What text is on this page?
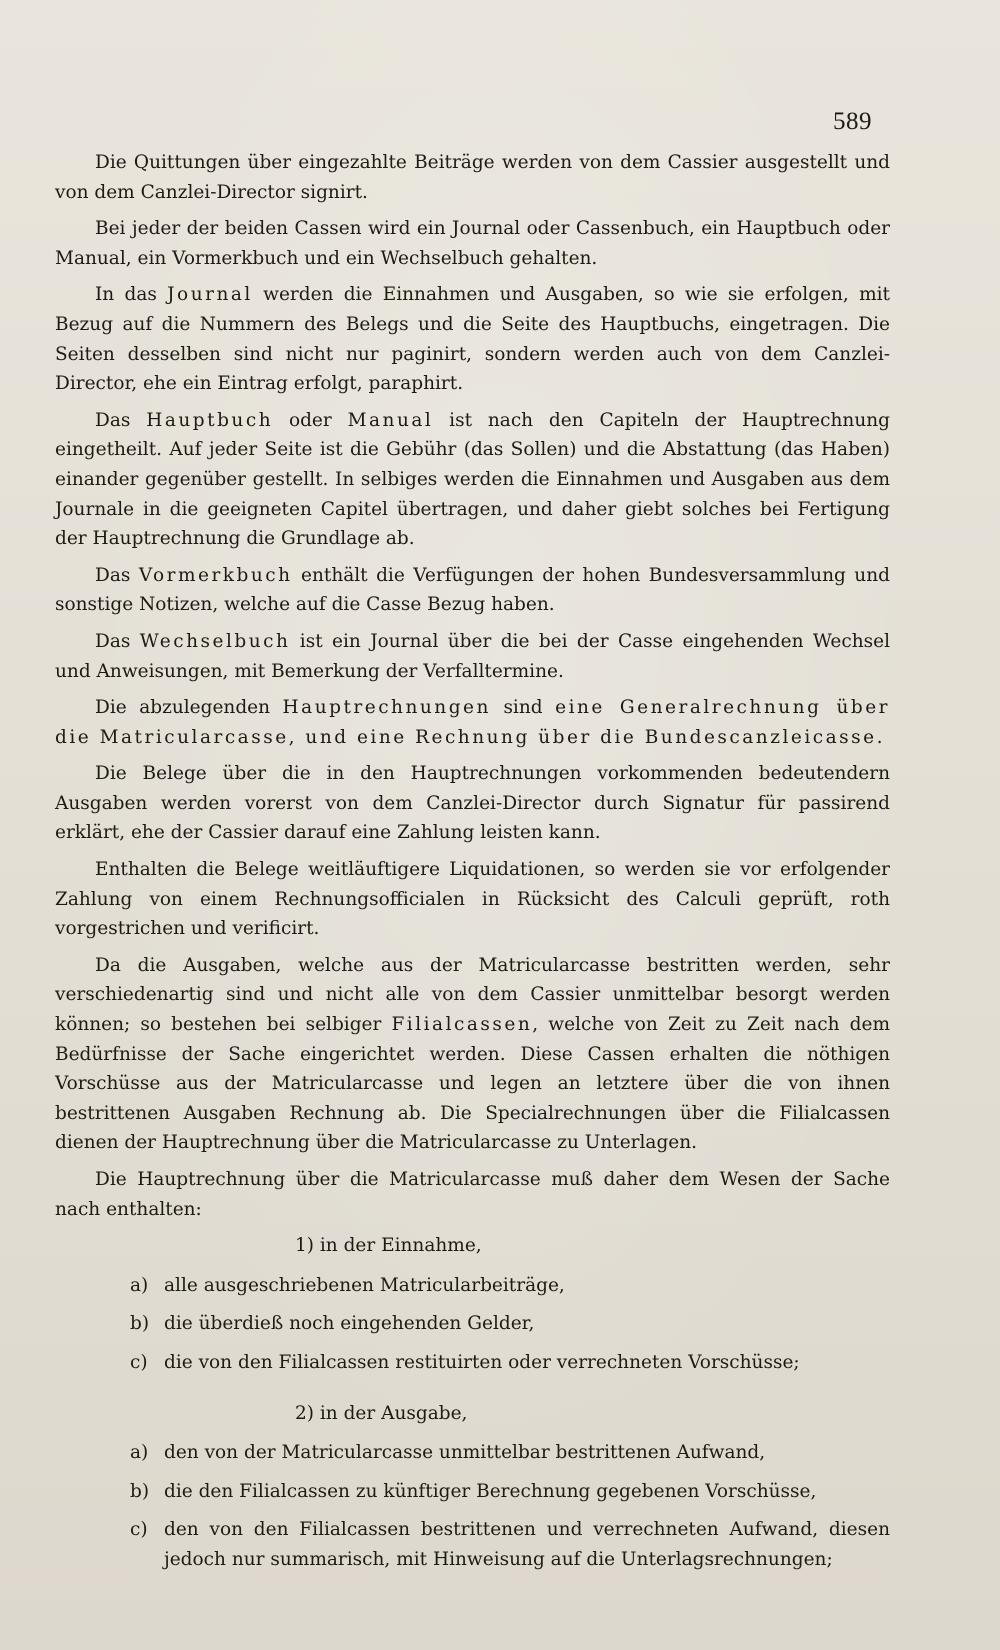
589

Die Quittungen über eingezahlte Beiträge werden von dem Cassier ausgestellt und von dem Canzlei-Director signirt.

Bei jeder der beiden Cassen wird ein Journal oder Cassenbuch, ein Hauptbuch oder Manual, ein Vormerkbuch und ein Wechselbuch gehalten.

In das Journal werden die Einnahmen und Ausgaben, so wie sie erfolgen, mit Bezug auf die Nummern des Belegs und die Seite des Hauptbuchs, eingetragen. Die Seiten desselben sind nicht nur paginirt, sondern werden auch von dem Canzlei-Director, ehe ein Eintrag erfolgt, paraphirt.

Das Hauptbuch oder Manual ist nach den Capiteln der Hauptrechnung eingetheilt. Auf jeder Seite ist die Gebühr (das Sollen) und die Abstattung (das Haben) einander gegenüber gestellt. In selbiges werden die Einnahmen und Ausgaben aus dem Journale in die geeigneten Capitel übertragen, und daher giebt solches bei Fertigung der Hauptrechnung die Grundlage ab.

Das Vormerkbuch enthält die Verfügungen der hohen Bundesversammlung und sonstige Notizen, welche auf die Casse Bezug haben.

Das Wechselbuch ist ein Journal über die bei der Casse eingehenden Wechsel und Anweisungen, mit Bemerkung der Verfalltermine.

Die abzulegenden Hauptrechnungen sind eine Generalrechnung über die Matricularcasse, und eine Rechnung über die Bundescanzleicasse.

Die Belege über die in den Hauptrechnungen vorkommenden bedeutendern Ausgaben werden vorerst von dem Canzlei-Director durch Signatur für passirend erklärt, ehe der Cassier darauf eine Zahlung leisten kann.

Enthalten die Belege weitläuftigere Liquidationen, so werden sie vor erfolgender Zahlung von einem Rechnungsofficialen in Rücksicht des Calculi geprüft, roth vorgestrichen und verificirt.

Da die Ausgaben, welche aus der Matricularcasse bestritten werden, sehr verschiedenartig sind und nicht alle von dem Cassier unmittelbar besorgt werden können; so bestehen bei selbiger Filialcassen, welche von Zeit zu Zeit nach dem Bedürfnisse der Sache eingerichtet werden. Diese Cassen erhalten die nöthigen Vorschüsse aus der Matricularcasse und legen an letztere über die von ihnen bestrittenen Ausgaben Rechnung ab. Die Specialrechnungen über die Filialcassen dienen der Hauptrechnung über die Matricularcasse zu Unterlagen.

Die Hauptrechnung über die Matricularcasse muß daher dem Wesen der Sache nach enthalten:

1) in der Einnahme,

a) alle ausgeschriebenen Matricularbeiträge,
b) die überdieß noch eingehenden Gelder,
c) die von den Filialcassen restituirten oder verrechneten Vorschüsse;

2) in der Ausgabe,

a) den von der Matricularcasse unmittelbar bestrittenen Aufwand,
b) die den Filialcassen zu künftiger Berechnung gegebenen Vorschüsse,
c) den von den Filialcassen bestrittenen und verrechneten Aufwand, diesen jedoch nur summarisch, mit Hinweisung auf die Unterlagsrechnungen;
